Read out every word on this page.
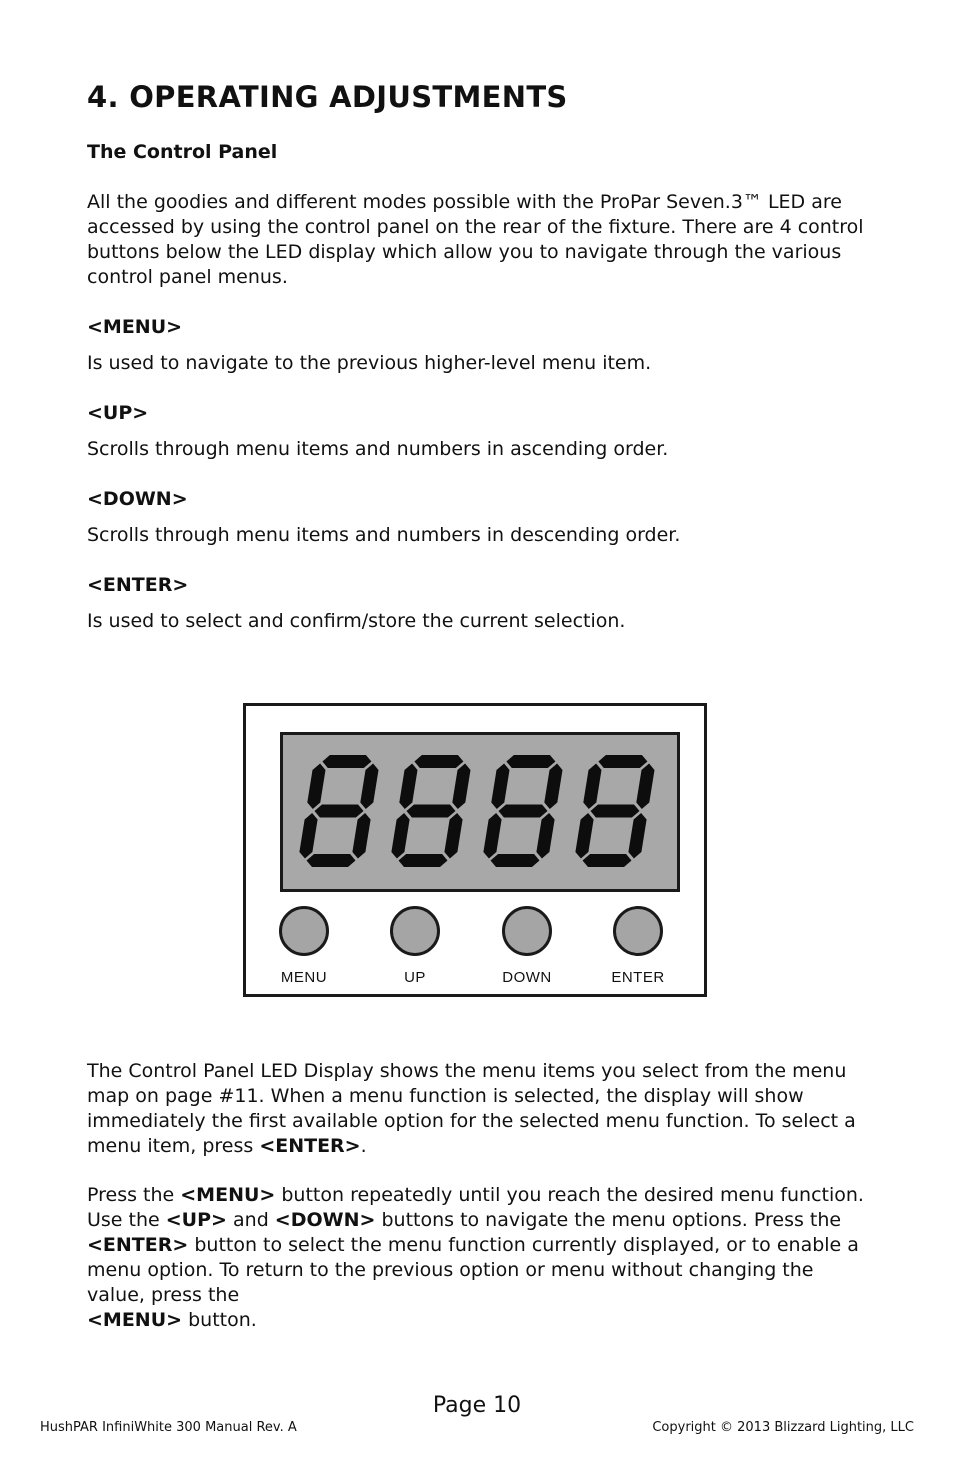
4. OPERATING ADJUSTMENTS
The Control Panel

All the goodies and different modes possible with the ProPar Seven.3™ LED are accessed by using the control panel on the rear of the fixture. There are 4 control buttons below the LED display which allow you to navigate through the various control panel menus.

<MENU>
Is used to navigate to the previous higher-level menu item.
<UP>
Scrolls through menu items and numbers in ascending order.
<DOWN>
Scrolls through menu items and numbers in descending order.
<ENTER>
Is used to select and confirm/store the current selection.
MENU	UP	DOWN	ENTER

The Control Panel LED Display shows the menu items you select from the menu map on page #11. When a menu function is selected, the display will show immediately the first available option for the selected menu function. To select a menu item, press <ENTER>.

Press the <MENU> button repeatedly until you reach the desired menu function. Use the <UP> and <DOWN> buttons to navigate the menu options. Press the <ENTER> button to select the menu function currently displayed, or to enable a menu option. To return to the previous option or menu without changing the value, press the
<MENU> button.

Page 10
HushPAR InfiniWhite 300 Manual Rev. A	Copyright © 2013 Blizzard Lighting, LLC
